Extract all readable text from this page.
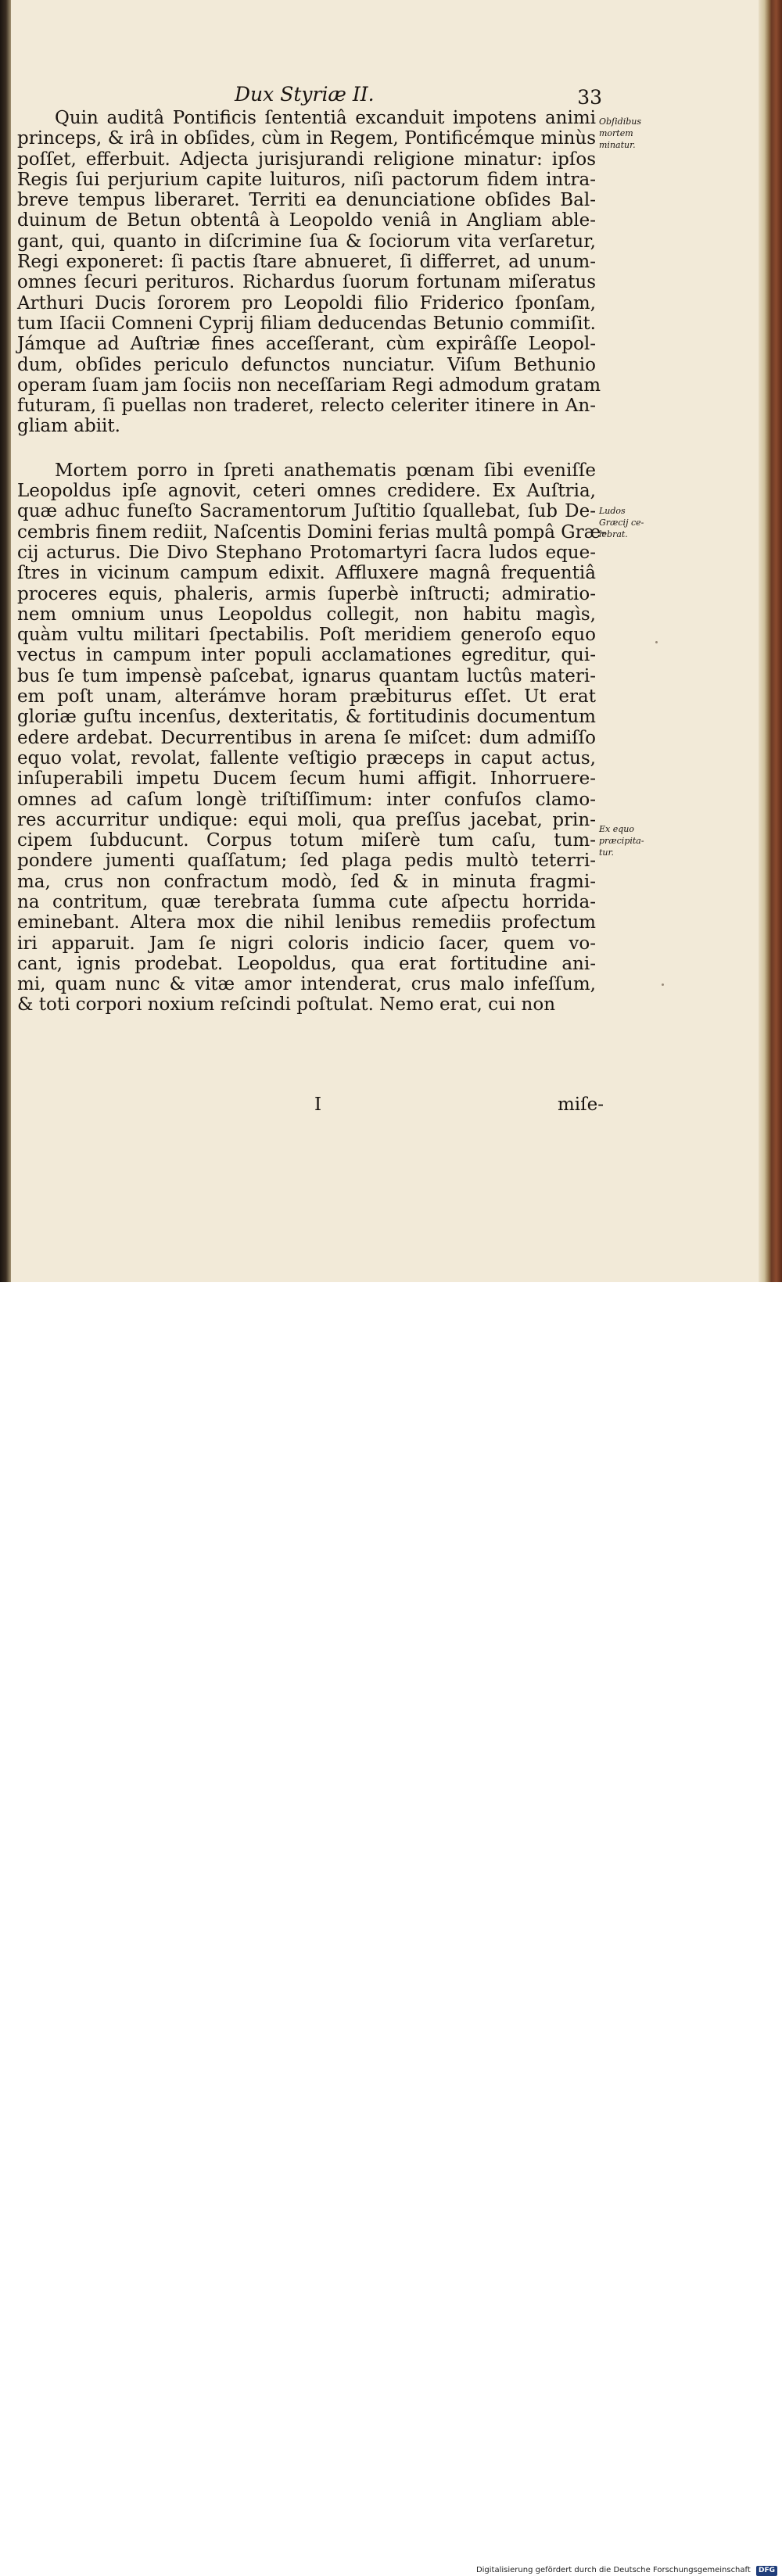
Dux Styriæ II.	33
Quin auditâ Pontificis ſententiâ excanduit impotens animi
princeps, & irâ in obſides, cùm in Regem, Pontificémque minùs
poſſet, efferbuit. Adjecta jurisjurandi religione minatur: ipſos
Regis ſui perjurium capite luituros, niſi pactorum fidem intra-
breve tempus liberaret. Territi ea denunciatione obſides Bal-
duinum de Betun obtentâ à Leopoldo veniâ in Angliam able-
gant, qui, quanto in diſcrimine ſua & ſociorum vita verſaretur,
Regi exponeret: ſi pactis ſtare abnueret, ſi differret, ad unum-
omnes ſecuri perituros. Richardus ſuorum fortunam miſeratus
Arthuri Ducis ſororem pro Leopoldi filio Friderico ſponſam,
tum Iſacii Comneni Cyprij filiam deducendas Betunio commiſit.
Jámque ad Auſtriæ fines acceſſerant, cùm expirâſſe Leopol-
dum, obſides periculo defunctos nunciatur. Viſum Bethunio
operam ſuam jam ſociis non neceſſariam Regi admodum gratam
futuram, ſi puellas non traderet, relecto celeriter itinere in An-
gliam abiit.
Mortem porro in ſpreti anathematis pœnam ſibi eveniſſe
Leopoldus ipſe agnovit, ceteri omnes credidere. Ex Auſtria,
quæ adhuc funeſto Sacramentorum Juſtitio ſquallebat, ſub De-
cembris finem rediit, Naſcentis Domini ferias multâ pompâ Græ-
cij acturus. Die Divo Stephano Protomartyri ſacra ludos eque-
ſtres in vicinum campum edixit. Affluxere magnâ frequentiâ
proceres equis, phaleris, armis ſuperbè inſtructi; admiratio-
nem omnium unus Leopoldus collegit, non habitu magìs,
quàm vultu militari ſpectabilis. Poſt meridiem generoſo equo
vectus in campum inter populi acclamationes egreditur, qui-
bus ſe tum impensè paſcebat, ignarus quantam luctûs materi-
em poſt unam, alterámve horam præbiturus eſſet. Ut erat
gloriæ guſtu incenſus, dexteritatis, & fortitudinis documentum
edere ardebat. Decurrentibus in arena ſe miſcet: dum admiſſo
equo volat, revolat, fallente veſtigio præceps in caput actus,
inſuperabili impetu Ducem ſecum humi affigit. Inhorruere-
omnes ad caſum longè triſtiſſimum: inter confuſos clamo-
res accurritur undique: equi moli, qua preſſus jacebat, prin-
cipem ſubducunt. Corpus totum miſerè tum caſu, tum-
pondere jumenti quaſſatum; ſed plaga pedis multò teterri-
ma, crus non confractum modò, ſed & in minuta fragmi-
na contritum, quæ terebrata ſumma cute aſpectu horrida-
eminebant. Altera mox die nihil lenibus remediis profectum
iri apparuit. Jam ſe nigri coloris indicio ſacer, quem vo-
cant, ignis prodebat. Leopoldus, qua erat fortitudine ani-
mi, quam nunc & vitæ amor intenderat, crus malo infeſſum,
& toti corpori noxium reſcindi poſtulat. Nemo erat, cui non
Obſidibus
mortem
minatur.
Ludos
Græcij ce-
lebrat.
Ex equo
præcipita-
tur.
I	miſe-
Digitalisierung gefördert durch die Deutsche Forschungsgemeinschaft DFG
